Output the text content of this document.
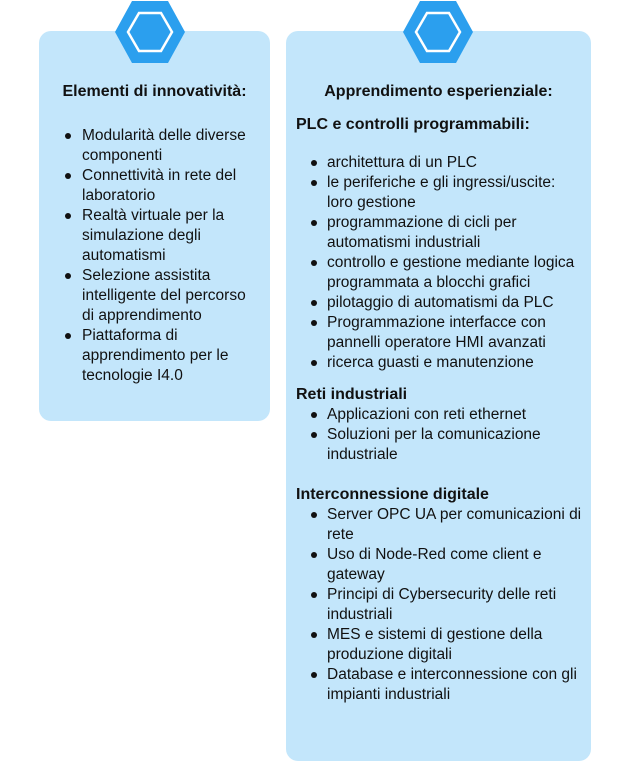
Elementi di innovatività:
Modularità delle diverse componenti
Connettività in rete del laboratorio
Realtà virtuale per la simulazione degli automatismi
Selezione assistita intelligente del percorso di apprendimento
Piattaforma di apprendimento per le tecnologie I4.0
Apprendimento esperienziale:
PLC e controlli programmabili:
architettura di un PLC
le periferiche e gli ingressi/uscite: loro gestione
programmazione di cicli per automatismi industriali
controllo e gestione mediante logica programmata a blocchi grafici
pilotaggio di automatismi da PLC
Programmazione interfacce con pannelli operatore HMI avanzati
ricerca guasti e manutenzione
Reti industriali
Applicazioni con reti ethernet
Soluzioni per la comunicazione industriale
Interconnessione digitale
Server OPC UA per comunicazioni di rete
Uso di Node-Red come client e gateway
Principi di Cybersecurity delle reti industriali
MES e sistemi di gestione della produzione digitali
Database e interconnessione con gli impianti industriali
